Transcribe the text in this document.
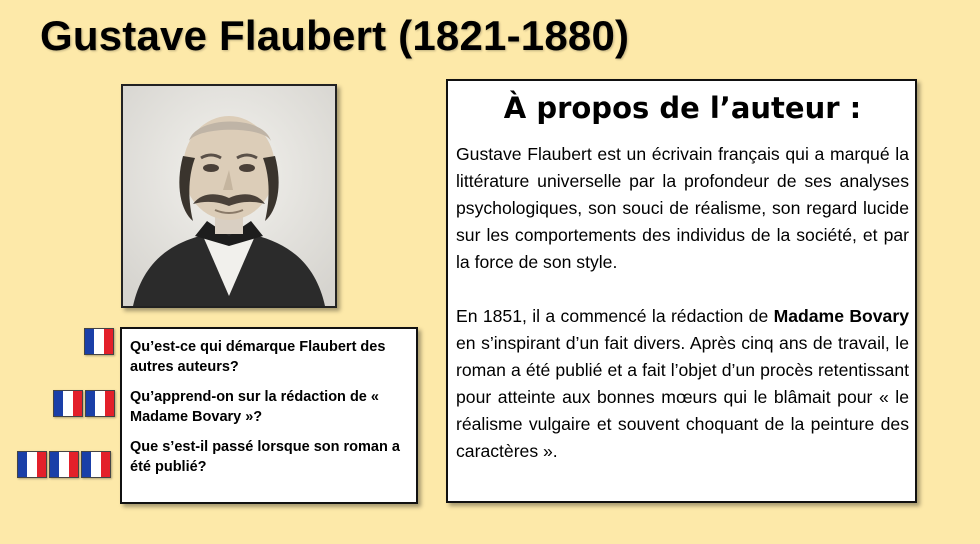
Gustave Flaubert (1821-1880)
À propos de l’auteur :

Gustave Flaubert est un écrivain français qui a marqué la littérature universelle par la profondeur de ses analyses psychologiques, son souci de réalisme, son regard lucide sur les comportements des individus de la société, et par la force de son style.

En 1851, il a commencé la rédaction de Madame Bovary en s’inspirant d’un fait divers. Après cinq ans de travail, le roman a été publié et a fait l’objet d’un procès retentissant pour atteinte aux bonnes mœurs qui le blâmait pour « le réalisme vulgaire et souvent choquant de la peinture des caractères ».

Qu’est-ce qui démarque Flaubert des autres auteurs?

Qu’apprend-on sur la rédaction de « Madame Bovary »?

Que s’est-il passé lorsque son roman a été publié?
